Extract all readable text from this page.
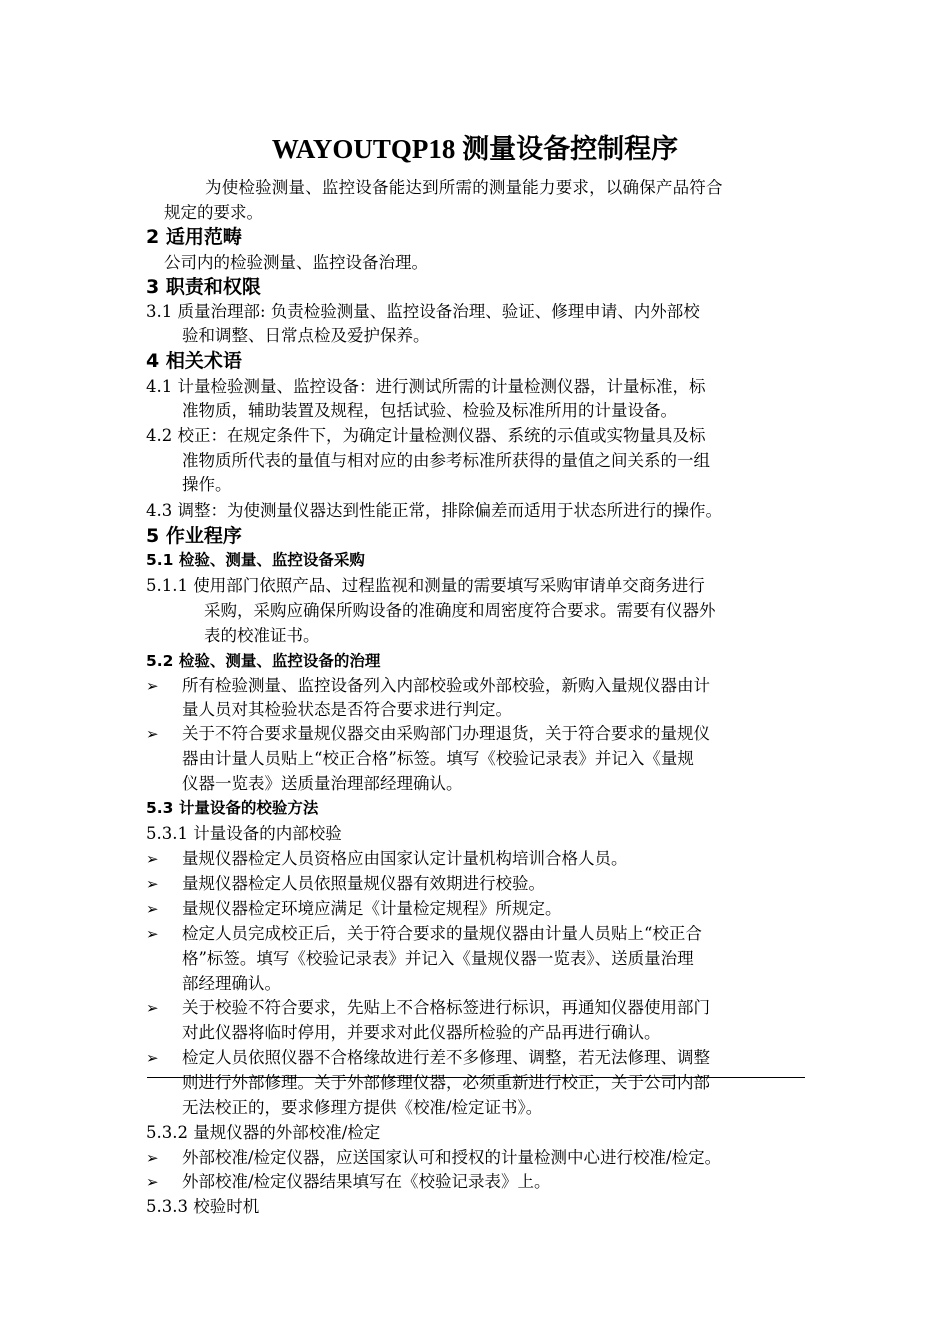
WAYOUTQP18 测量设备控制程序
为使检验测量、监控设备能达到所需的测量能力要求，以确保产品符合
规定的要求。
2 适用范畴
公司内的检验测量、监控设备治理。
3 职责和权限
3.1 质量治理部: 负责检验测量、监控设备治理、验证、修理申请、内外部校
验和调整、日常点检及爱护保养。
4 相关术语
4.1 计量检验测量、监控设备：进行测试所需的计量检测仪器，计量标准，标
准物质，辅助装置及规程，包括试验、检验及标准所用的计量设备。
4.2 校正：在规定条件下，为确定计量检测仪器、系统的示值或实物量具及标
准物质所代表的量值与相对应的由参考标准所获得的量值之间关系的一组
操作。
4.3 调整：为使测量仪器达到性能正常，排除偏差而适用于状态所进行的操作。
5 作业程序
5.1 检验、测量、监控设备采购
5.1.1 使用部门依照产品、过程监视和测量的需要填写采购审请单交商务进行
采购，采购应确保所购设备的准确度和周密度符合要求。需要有仪器外
表的校准证书。
5.2 检验、测量、监控设备的治理
➢ 所有检验测量、监控设备列入内部校验或外部校验，新购入量规仪器由计
量人员对其检验状态是否符合要求进行判定。
➢ 关于不符合要求量规仪器交由采购部门办理退货，关于符合要求的量规仪
器由计量人员贴上“校正合格”标签。填写《校验记录表》并记入《量规
仪器一览表》送质量治理部经理确认。
5.3 计量设备的校验方法
5.3.1 计量设备的内部校验
➢ 量规仪器检定人员资格应由国家认定计量机构培训合格人员。
➢ 量规仪器检定人员依照量规仪器有效期进行校验。
➢ 量规仪器检定环境应满足《计量检定规程》所规定。
➢ 检定人员完成校正后，关于符合要求的量规仪器由计量人员贴上“校正合
格”标签。填写《校验记录表》并记入《量规仪器一览表》、送质量治理
部经理确认。
➢ 关于校验不符合要求，先贴上不合格标签进行标识，再通知仪器使用部门
对此仪器将临时停用，并要求对此仪器所检验的产品再进行确认。
➢ 检定人员依照仪器不合格缘故进行差不多修理、调整，若无法修理、调整
则进行外部修理。关于外部修理仪器，必须重新进行校正，关于公司内部
无法校正的，要求修理方提供《校准/检定证书》。
5.3.2 量规仪器的外部校准/检定
➢ 外部校准/检定仪器，应送国家认可和授权的计量检测中心进行校准/检定。
➢ 外部校准/检定仪器结果填写在《校验记录表》上。
5.3.3 校验时机
